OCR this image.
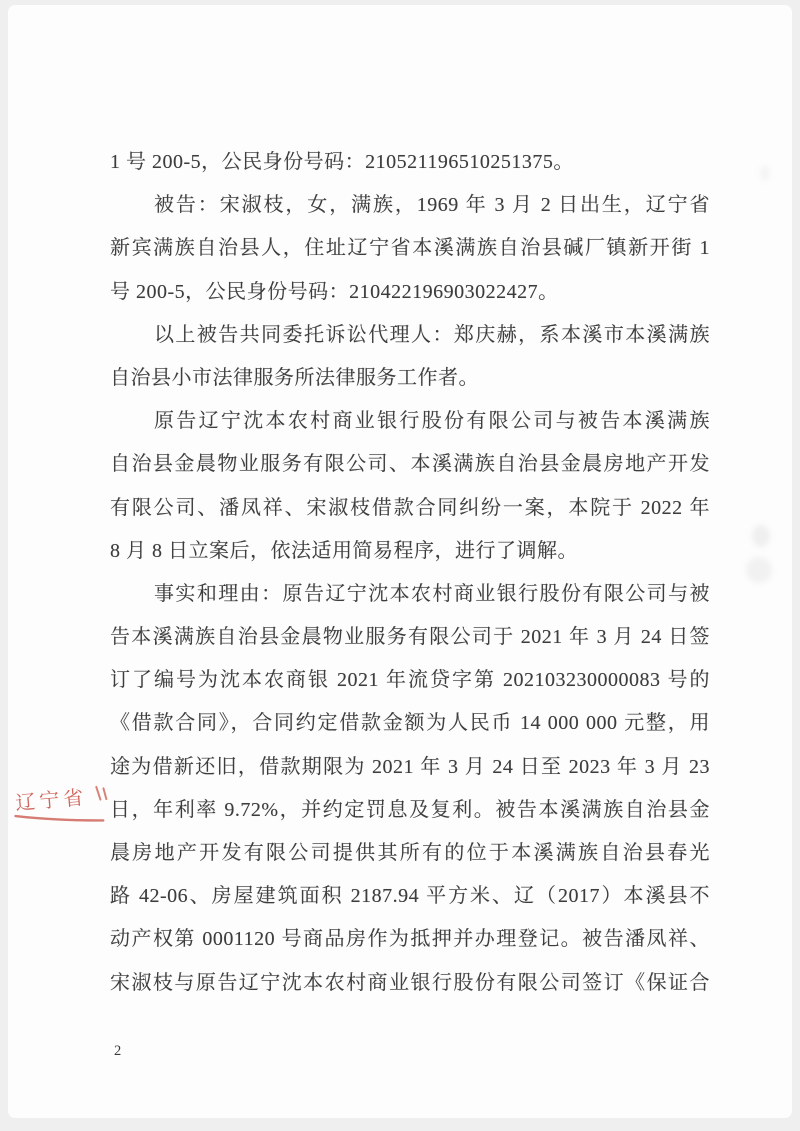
辽宁省
1 号 200-5，公民身份号码：210521196510251375。
被告：宋淑枝，女，满族，1969 年 3 月 2 日出生，辽宁省
新宾满族自治县人，住址辽宁省本溪满族自治县碱厂镇新开街 1
号 200-5，公民身份号码：210422196903022427。
以上被告共同委托诉讼代理人：郑庆赫，系本溪市本溪满族
自治县小市法律服务所法律服务工作者。
原告辽宁沈本农村商业银行股份有限公司与被告本溪满族
自治县金晨物业服务有限公司、本溪满族自治县金晨房地产开发
有限公司、潘凤祥、宋淑枝借款合同纠纷一案，本院于 2022 年
8 月 8 日立案后，依法适用简易程序，进行了调解。
事实和理由：原告辽宁沈本农村商业银行股份有限公司与被
告本溪满族自治县金晨物业服务有限公司于 2021 年 3 月 24 日签
订了编号为沈本农商银 2021 年流贷字第 202103230000083 号的
《借款合同》，合同约定借款金额为人民币 14 000 000 元整，用
途为借新还旧，借款期限为 2021 年 3 月 24 日至 2023 年 3 月 23
日，年利率 9.72%，并约定罚息及复利。被告本溪满族自治县金
晨房地产开发有限公司提供其所有的位于本溪满族自治县春光
路 42-06、房屋建筑面积 2187.94 平方米、辽（2017）本溪县不
动产权第 0001120 号商品房作为抵押并办理登记。被告潘凤祥、
宋淑枝与原告辽宁沈本农村商业银行股份有限公司签订《保证合
2
